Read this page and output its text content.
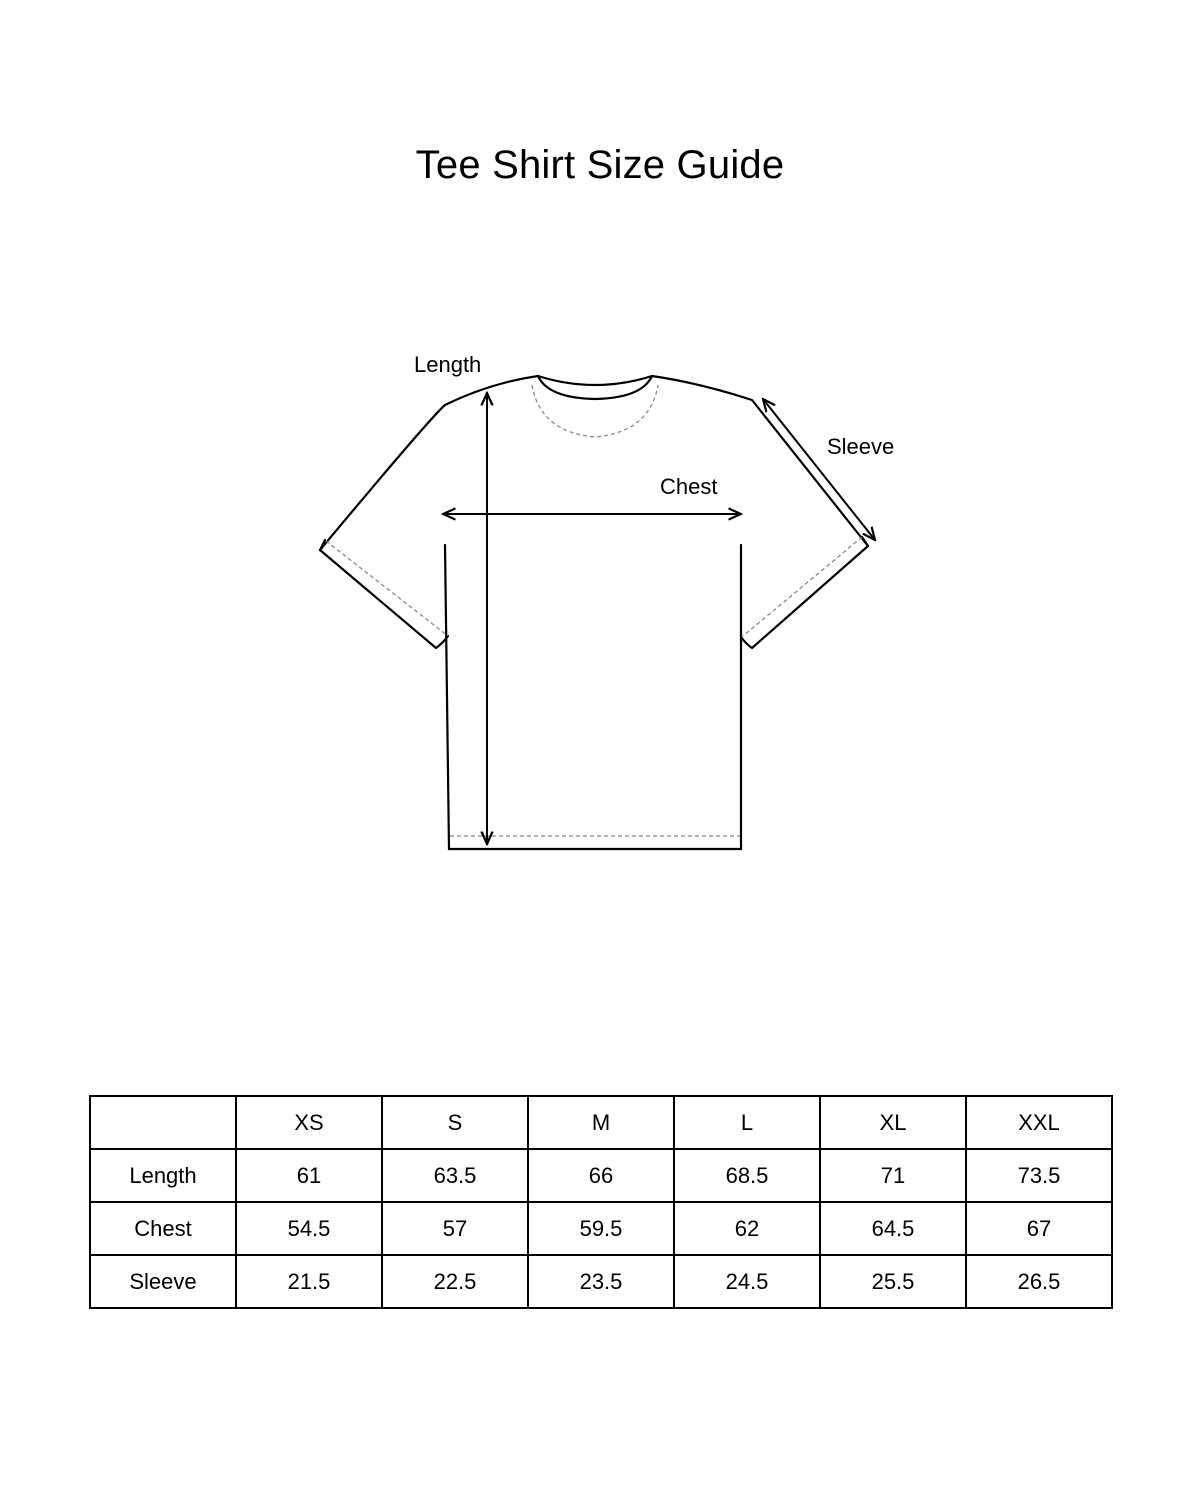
Tee Shirt Size Guide
Length
Chest
Sleeve
	XS	S	M	L	XL	XXL
Length	61	63.5	66	68.5	71	73.5
Chest	54.5	57	59.5	62	64.5	67
Sleeve	21.5	22.5	23.5	24.5	25.5	26.5
